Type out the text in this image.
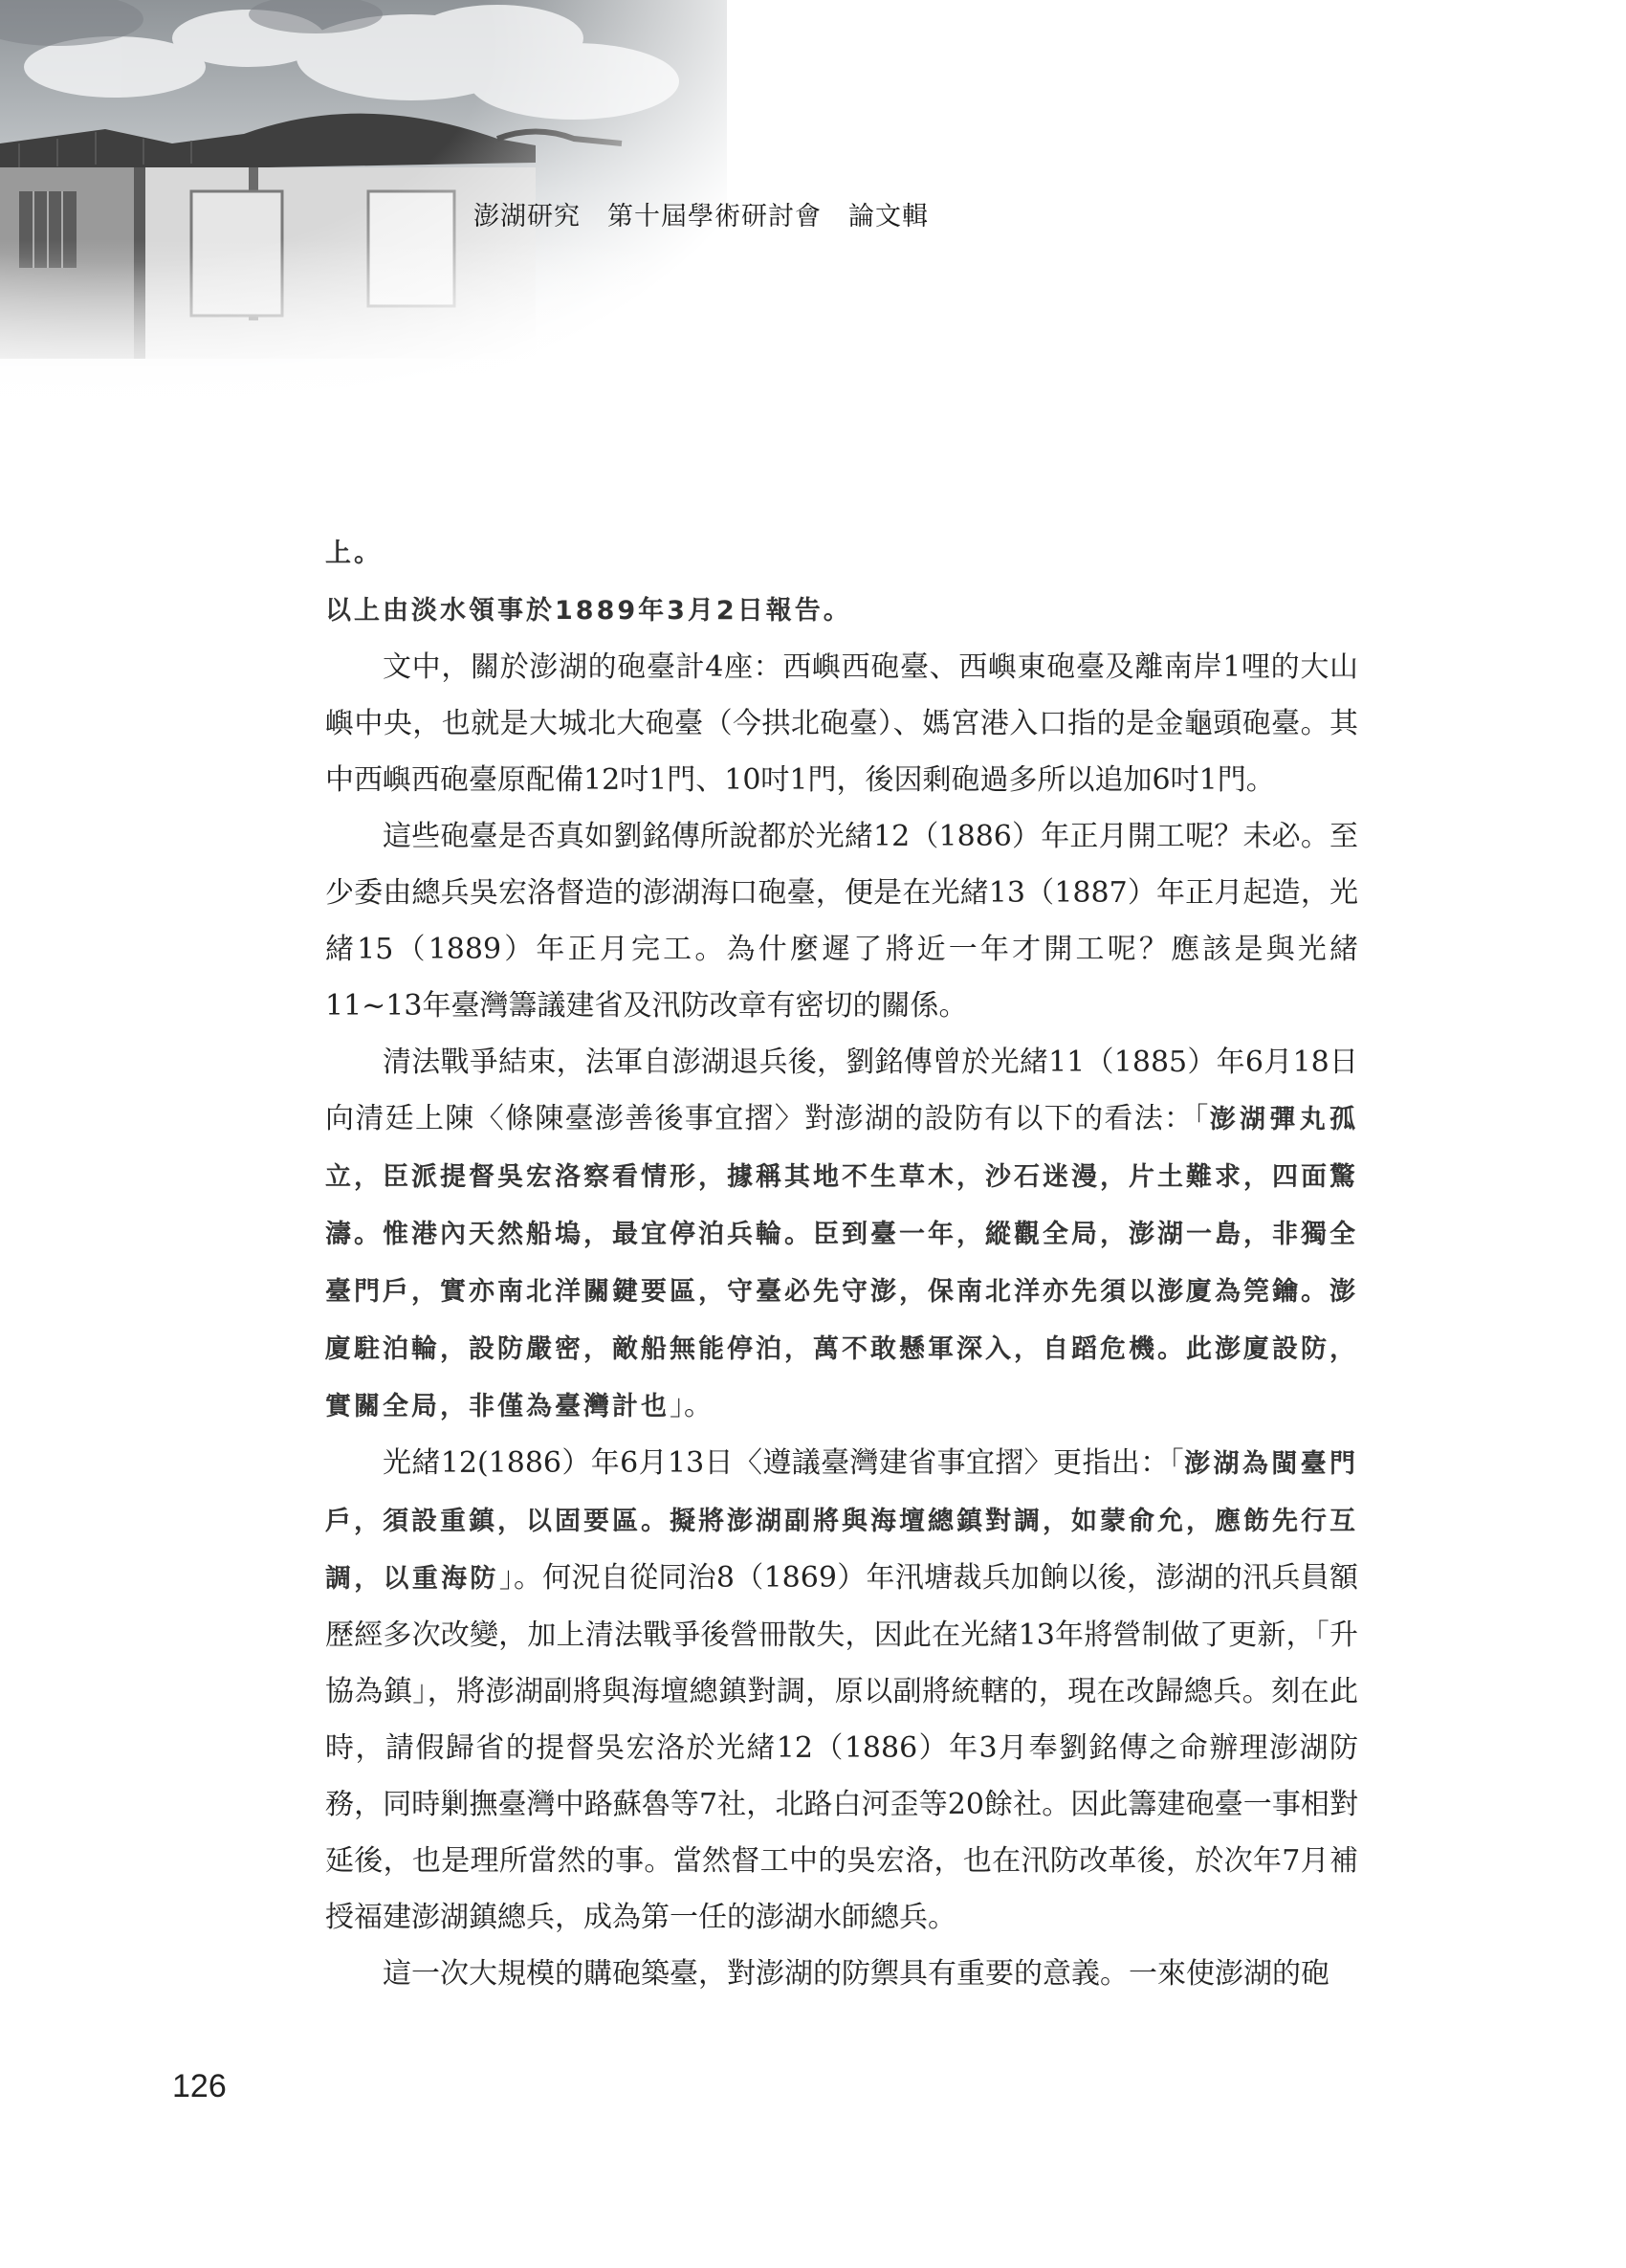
澎湖研究　第十屆學術研討會　論文輯

上。

以上由淡水領事於1889年3月2日報告。

文中，關於澎湖的砲臺計4座：西嶼西砲臺、西嶼東砲臺及離南岸1哩的大山嶼中央，也就是大城北大砲臺（今拱北砲臺）、媽宮港入口指的是金龜頭砲臺。其中西嶼西砲臺原配備12吋1門、10吋1門，後因剩砲過多所以追加6吋1門。

這些砲臺是否真如劉銘傳所說都於光緒12（1886）年正月開工呢？未必。至少委由總兵吳宏洛督造的澎湖海口砲臺，便是在光緒13（1887）年正月起造，光緒15（1889）年正月完工。為什麼遲了將近一年才開工呢？應該是與光緒11~13年臺灣籌議建省及汛防改章有密切的關係。

清法戰爭結束，法軍自澎湖退兵後，劉銘傳曾於光緒11（1885）年6月18日向清廷上陳〈條陳臺澎善後事宜摺〉對澎湖的設防有以下的看法：「澎湖彈丸孤立，臣派提督吳宏洛察看情形，據稱其地不生草木，沙石迷漫，片土難求，四面驚濤。惟港內天然船塢，最宜停泊兵輪。臣到臺一年，縱觀全局，澎湖一島，非獨全臺門戶，實亦南北洋關鍵要區，守臺必先守澎，保南北洋亦先須以澎廈為筦鑰。澎廈駐泊輪，設防嚴密，敵船無能停泊，萬不敢懸軍深入，自蹈危機。此澎廈設防，實關全局，非僅為臺灣計也」。

光緒12(1886）年6月13日〈遵議臺灣建省事宜摺〉更指出：「澎湖為閩臺門戶，須設重鎮，以固要區。擬將澎湖副將與海壇總鎮對調，如蒙俞允，應飭先行互調，以重海防」。何況自從同治8（1869）年汛塘裁兵加餉以後，澎湖的汛兵員額歷經多次改變，加上清法戰爭後營冊散失，因此在光緒13年將營制做了更新，「升協為鎮」，將澎湖副將與海壇總鎮對調，原以副將統轄的，現在改歸總兵。刻在此時，請假歸省的提督吳宏洛於光緒12（1886）年3月奉劉銘傳之命辦理澎湖防務，同時剿撫臺灣中路蘇魯等7社，北路白河歪等20餘社。因此籌建砲臺一事相對延後，也是理所當然的事。當然督工中的吳宏洛，也在汛防改革後，於次年7月補授福建澎湖鎮總兵，成為第一任的澎湖水師總兵。

這一次大規模的購砲築臺，對澎湖的防禦具有重要的意義。一來使澎湖的砲

126
